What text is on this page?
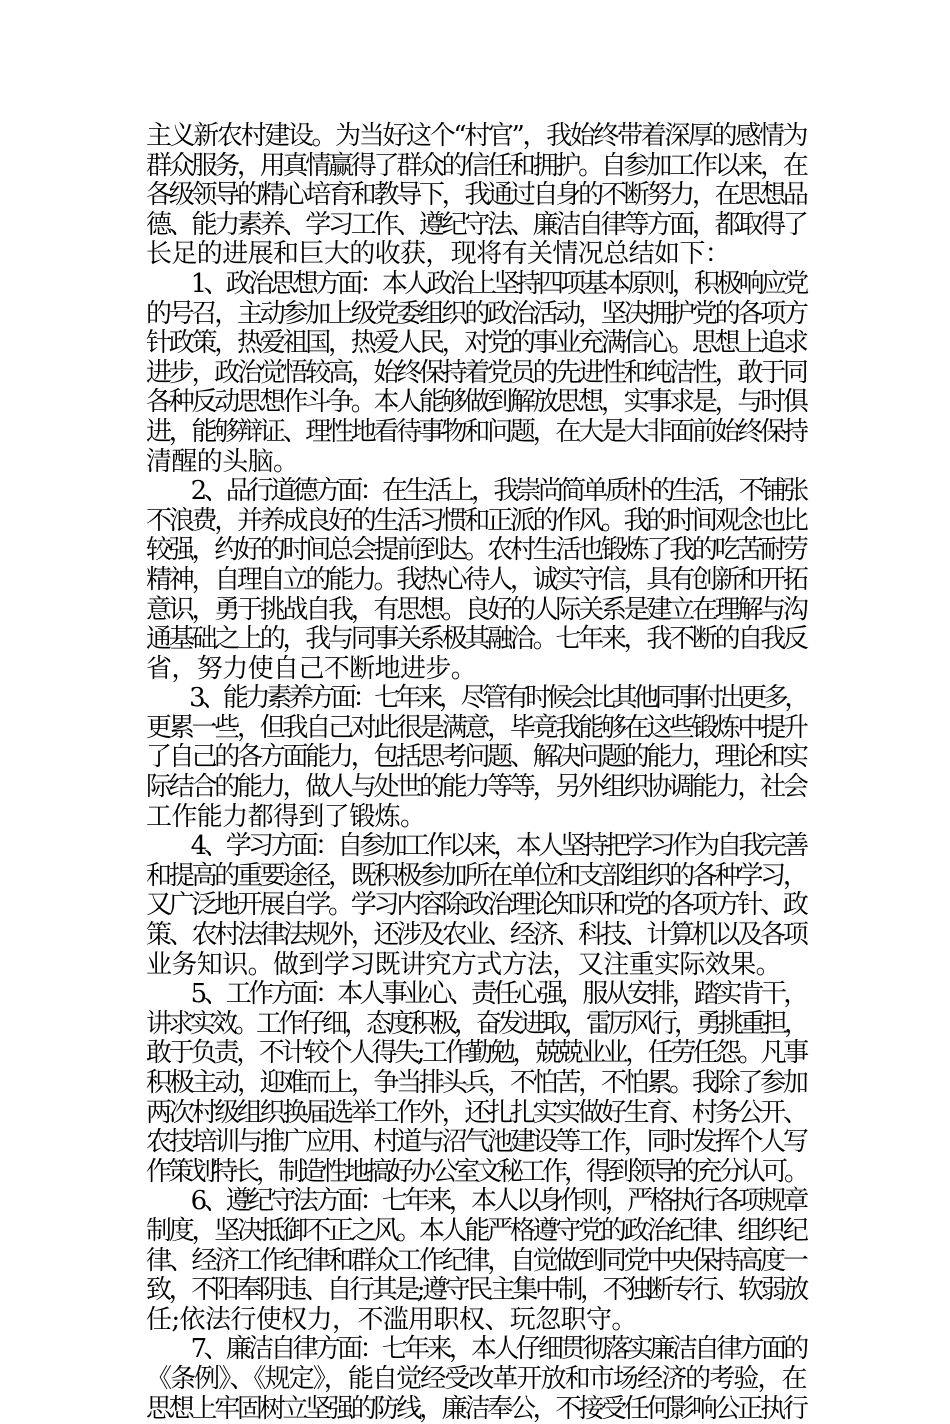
主义新农村建设。为当好这个“村官”，我始终带着深厚的感情为
群众服务，用真情赢得了群众的信任和拥护。自参加工作以来，在
各级领导的精心培育和教导下，我通过自身的不断努力，在思想品
德、能力素养、学习工作、遵纪守法、廉洁自律等方面，都取得了
长足的进展和巨大的收获，现将有关情况总结如下：
　　1、政治思想方面：本人政治上坚持四项基本原则，积极响应党
的号召，主动参加上级党委组织的政治活动，坚决拥护党的各项方
针政策，热爱祖国，热爱人民，对党的事业充满信心。思想上追求
进步，政治觉悟较高，始终保持着党员的先进性和纯洁性，敢于同
各种反动思想作斗争。本人能够做到解放思想，实事求是，与时俱
进，能够辩证、理性地看待事物和问题，在大是大非面前始终保持
清醒的头脑。
　　2、品行道德方面：在生活上，我崇尚简单质朴的生活，不铺张
不浪费，并养成良好的生活习惯和正派的作风。我的时间观念也比
较强，约好的时间总会提前到达。农村生活也锻炼了我的吃苦耐劳
精神，自理自立的能力。我热心待人，诚实守信，具有创新和开拓
意识，勇于挑战自我，有思想。良好的人际关系是建立在理解与沟
通基础之上的，我与同事关系极其融洽。七年来，我不断的自我反
省，努力使自己不断地进步。
　　3、能力素养方面：七年来，尽管有时候会比其他同事付出更多，
更累一些，但我自己对此很是满意，毕竟我能够在这些锻炼中提升
了自己的各方面能力，包括思考问题、解决问题的能力，理论和实
际结合的能力，做人与处世的能力等等，另外组织协调能力，社会
工作能力都得到了锻炼。
　　4、学习方面：自参加工作以来，本人坚持把学习作为自我完善
和提高的重要途径，既积极参加所在单位和支部组织的各种学习，
又广泛地开展自学。学习内容除政治理论知识和党的各项方针、政
策、农村法律法规外，还涉及农业、经济、科技、计算机以及各项
业务知识。做到学习既讲究方式方法，又注重实际效果。
　　5、工作方面：本人事业心、责任心强，服从安排，踏实肯干，
讲求实效。工作仔细，态度积极，奋发进取，雷厉风行，勇挑重担，
敢于负责，不计较个人得失;工作勤勉，兢兢业业，任劳任怨。凡事
积极主动，迎难而上，争当排头兵，不怕苦，不怕累。我除了参加
两次村级组织换届选举工作外，还扎扎实实做好生育、村务公开、
农技培训与推广应用、村道与沼气池建设等工作，同时发挥个人写
作策划特长，制造性地搞好办公室文秘工作，得到领导的充分认可。
　　6、遵纪守法方面：七年来，本人以身作则，严格执行各项规章
制度，坚决抵御不正之风。本人能严格遵守党的政治纪律、组织纪
律、经济工作纪律和群众工作纪律，自觉做到同党中央保持高度一
致，不阳奉阴违、自行其是;遵守民主集中制，不独断专行、软弱放
任;依法行使权力，不滥用职权、玩忽职守。
　　7、廉洁自律方面：七年来，本人仔细贯彻落实廉洁自律方面的
《条例》、《规定》，能自觉经受改革开放和市场经济的考验，在
思想上牢固树立坚强的防线，廉洁奉公，不接受任何影响公正执行
